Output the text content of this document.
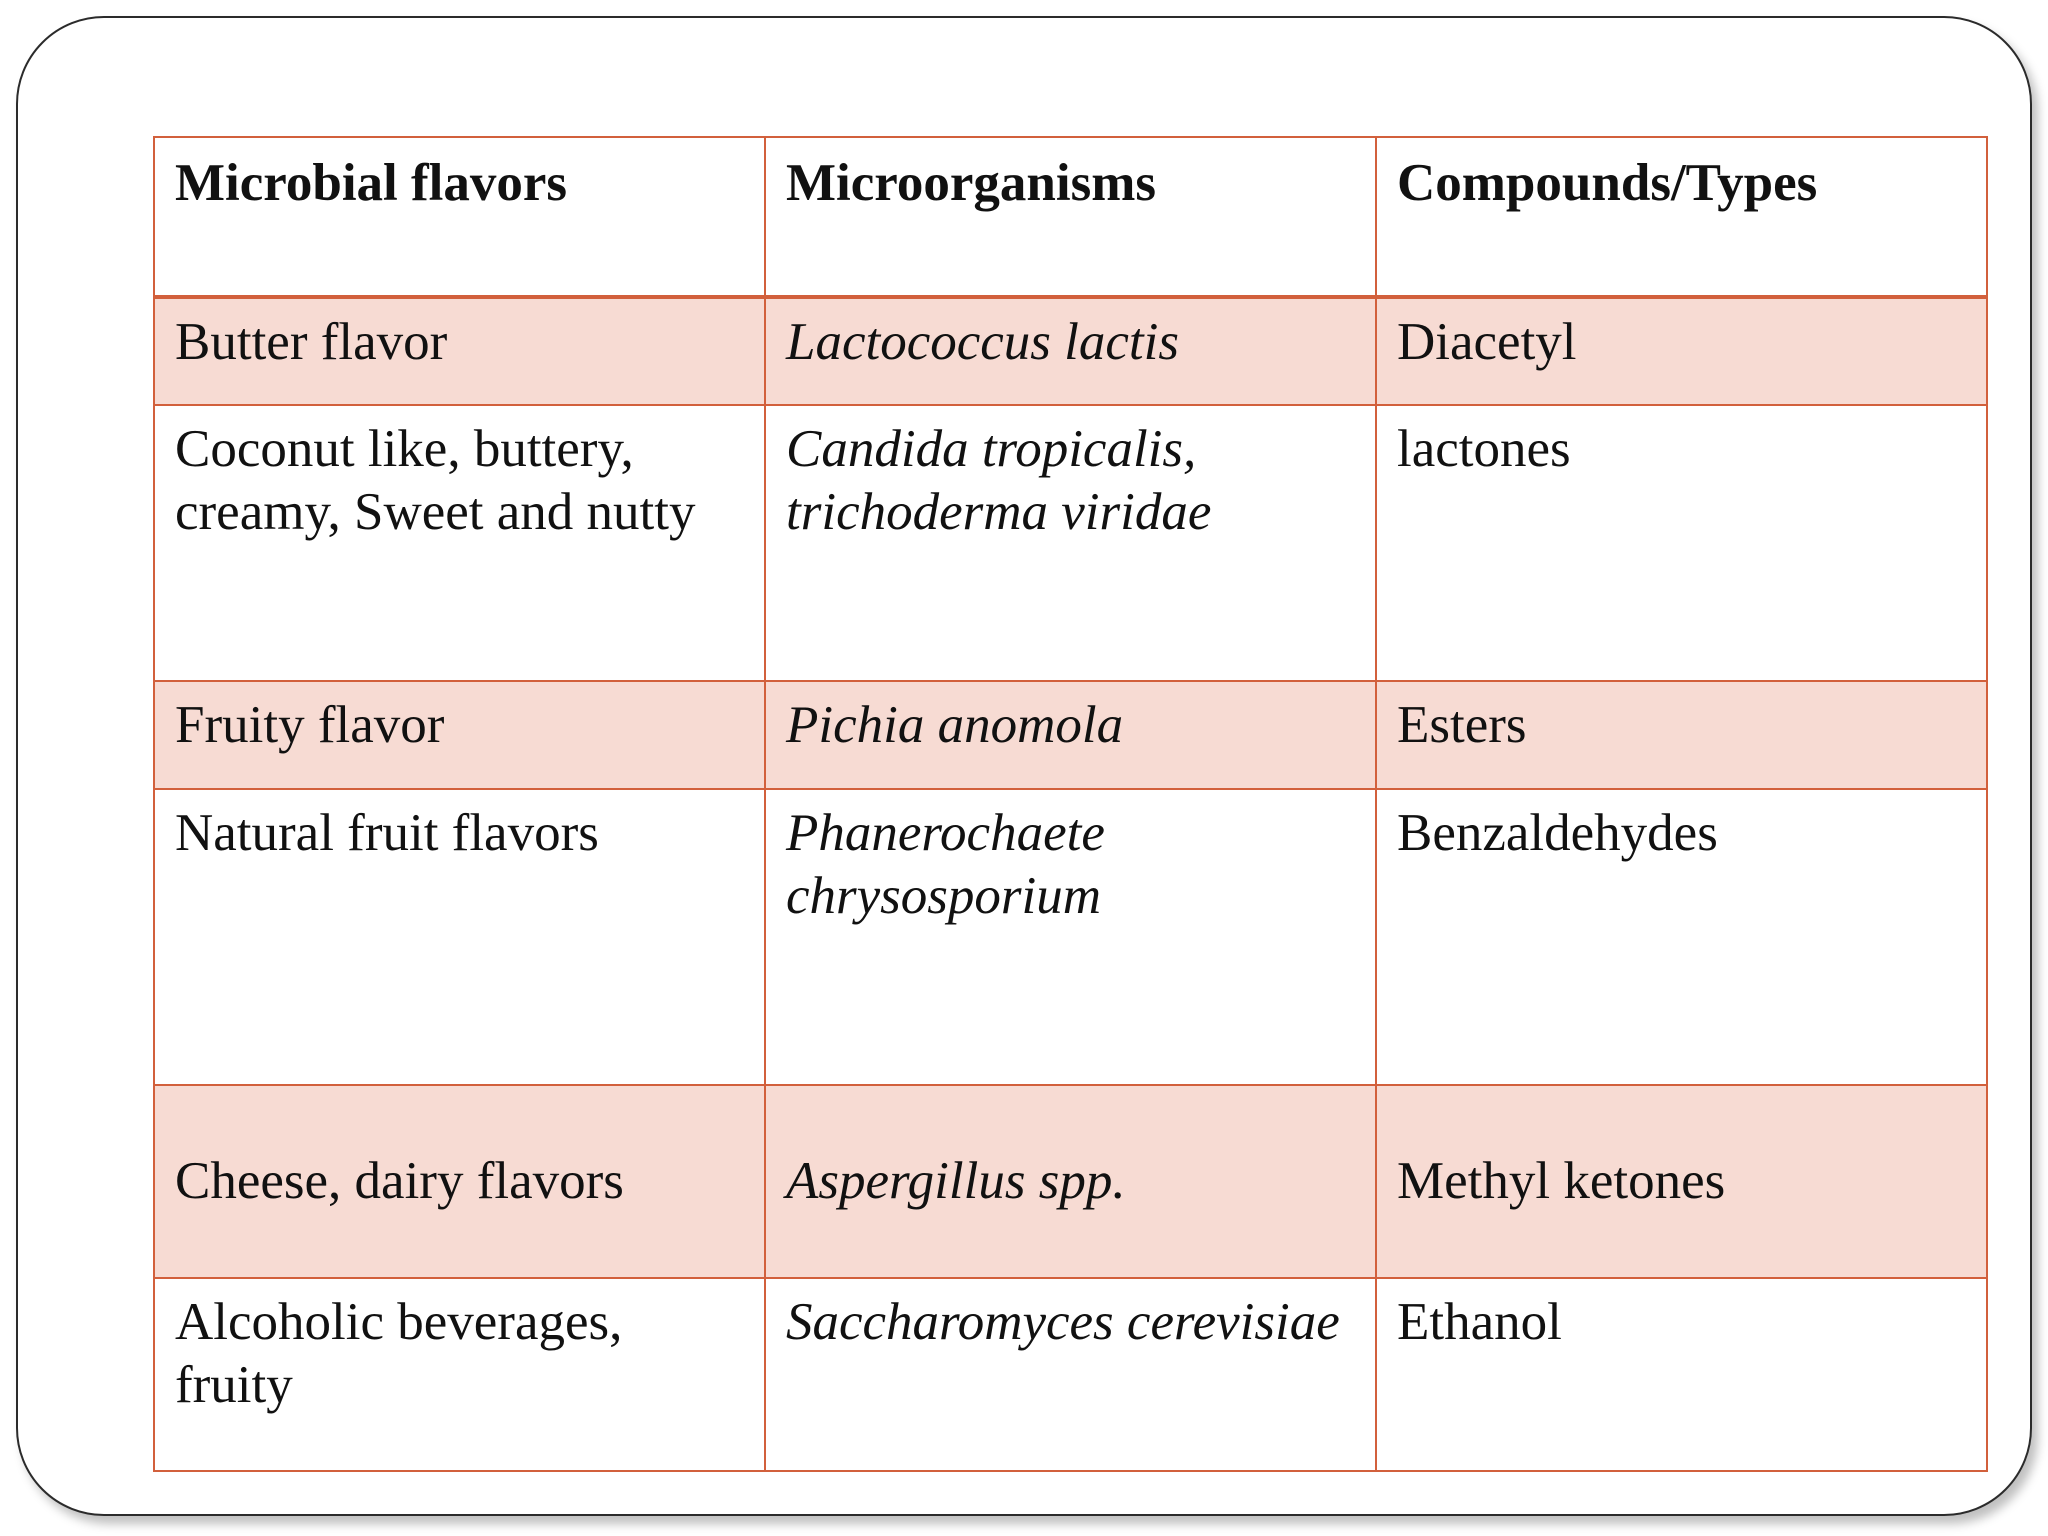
Microbial flavors	Microorganisms	Compounds/Types
Butter flavor	Lactococcus lactis	Diacetyl
Coconut like, buttery, creamy, Sweet and nutty	Candida tropicalis, trichoderma viridae	lactones
Fruity flavor	Pichia anomola	Esters
Natural fruit flavors	Phanerochaete chrysosporium	Benzaldehydes
Cheese, dairy flavors	Aspergillus spp.	Methyl ketones
Alcoholic beverages, fruity	Saccharomyces cerevisiae	Ethanol
